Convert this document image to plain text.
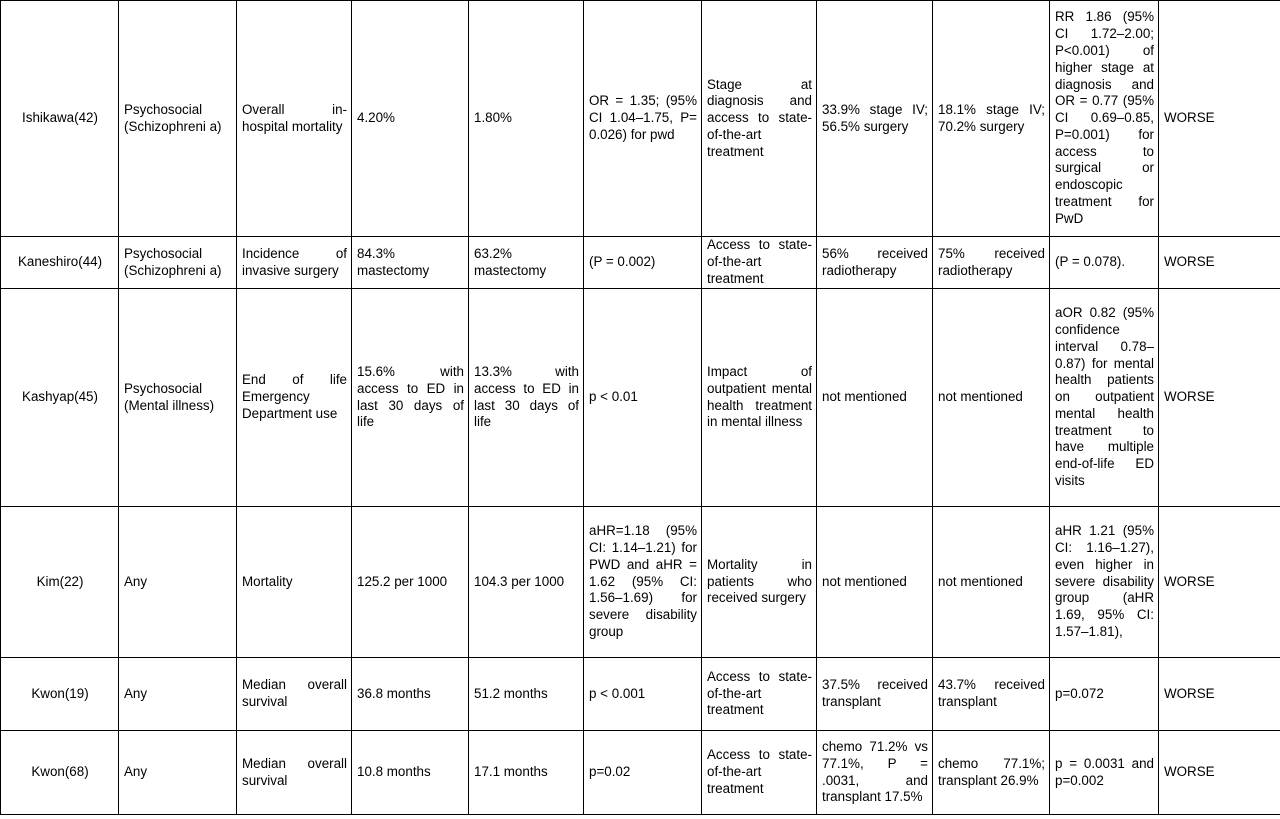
Ishikawa(42)	Psychosocial (Schizophreni a)	Overall in-hospital mortality	4.20%	1.80%	OR = 1.35; (95% CI 1.04–1.75, P= 0.026) for pwd	Stage at diagnosis and access to state-of-the-art treatment	33.9% stage IV; 56.5% surgery	18.1% stage IV; 70.2% surgery	RR 1.86 (95% CI 1.72–2.00; P<0.001) of higher stage at diagnosis and OR = 0.77 (95% CI 0.69–0.85, P=0.001) for access to surgical or endoscopic treatment for PwD	WORSE
Kaneshiro(44)	Psychosocial (Schizophreni a)	Incidence of invasive surgery	84.3% mastectomy	63.2% mastectomy	(P = 0.002)	Access to state-of-the-art treatment	56% received radiotherapy	75% received radiotherapy	(P = 0.078).	WORSE
Kashyap(45)	Psychosocial (Mental illness)	End of life Emergency Department use	15.6% with access to ED in last 30 days of life	13.3% with access to ED in last 30 days of life	p < 0.01	Impact of outpatient mental health treatment in mental illness	not mentioned	not mentioned	aOR 0.82 (95% confidence interval 0.78–0.87) for mental health patients on outpatient mental health treatment to have multiple end-of-life ED visits	WORSE
Kim(22)	Any	Mortality	125.2 per 1000	104.3 per 1000	aHR=1.18 (95% CI: 1.14–1.21) for PWD and aHR = 1.62 (95% CI: 1.56–1.69) for severe disability group	Mortality in patients who received surgery	not mentioned	not mentioned	aHR 1.21 (95% CI: 1.16–1.27), even higher in severe disability group (aHR 1.69, 95% CI: 1.57–1.81),	WORSE
Kwon(19)	Any	Median overall survival	36.8 months	51.2 months	p < 0.001	Access to state-of-the-art treatment	37.5% received transplant	43.7% received transplant	p=0.072	WORSE
Kwon(68)	Any	Median overall survival	10.8 months	17.1 months	p=0.02	Access to state-of-the-art treatment	chemo 71.2% vs 77.1%, P = .0031, and transplant 17.5%	chemo 77.1%; transplant 26.9%	p = 0.0031 and p=0.002	WORSE
